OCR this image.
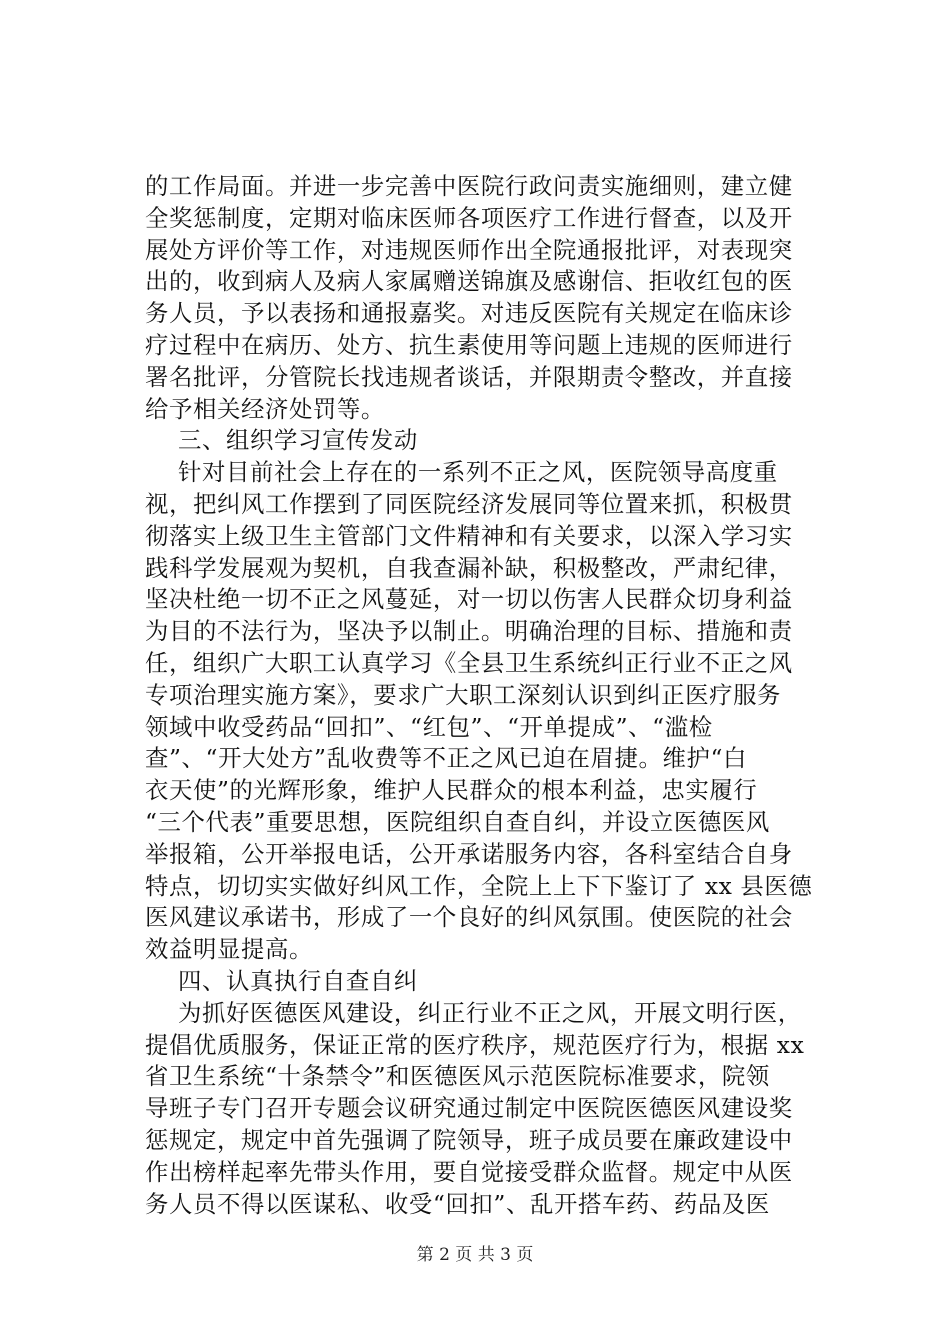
的工作局面。并进一步完善中医院行政问责实施细则，建立健
全奖惩制度，定期对临床医师各项医疗工作进行督查，以及开
展处方评价等工作，对违规医师作出全院通报批评，对表现突
出的，收到病人及病人家属赠送锦旗及感谢信、拒收红包的医
务人员，予以表扬和通报嘉奖。对违反医院有关规定在临床诊
疗过程中在病历、处方、抗生素使用等问题上违规的医师进行
署名批评，分管院长找违规者谈话，并限期责令整改，并直接
给予相关经济处罚等。
三、组织学习宣传发动
针对目前社会上存在的一系列不正之风，医院领导高度重
视，把纠风工作摆到了同医院经济发展同等位置来抓，积极贯
彻落实上级卫生主管部门文件精神和有关要求，以深入学习实
践科学发展观为契机，自我查漏补缺，积极整改，严肃纪律，
坚决杜绝一切不正之风蔓延，对一切以伤害人民群众切身利益
为目的不法行为，坚决予以制止。明确治理的目标、措施和责
任，组织广大职工认真学习《全县卫生系统纠正行业不正之风
专项治理实施方案》，要求广大职工深刻认识到纠正医疗服务
领域中收受药品“回扣”、“红包”、“开单提成”、“滥检
查”、“开大处方”乱收费等不正之风已迫在眉捷。维护“白
衣天使”的光辉形象，维护人民群众的根本利益，忠实履行
“三个代表”重要思想，医院组织自查自纠，并设立医德医风
举报箱，公开举报电话，公开承诺服务内容，各科室结合自身
特点，切切实实做好纠风工作，全院上上下下鉴订了 xx 县医德
医风建议承诺书，形成了一个良好的纠风氛围。使医院的社会
效益明显提高。
四、认真执行自查自纠
为抓好医德医风建设，纠正行业不正之风，开展文明行医，
提倡优质服务，保证正常的医疗秩序，规范医疗行为，根据 xx
省卫生系统“十条禁令”和医德医风示范医院标准要求，院领
导班子专门召开专题会议研究通过制定中医院医德医风建设奖
惩规定，规定中首先强调了院领导，班子成员要在廉政建设中
作出榜样起率先带头作用，要自觉接受群众监督。规定中从医
务人员不得以医谋私、收受“回扣”、乱开搭车药、药品及医
第 2 页 共 3 页
